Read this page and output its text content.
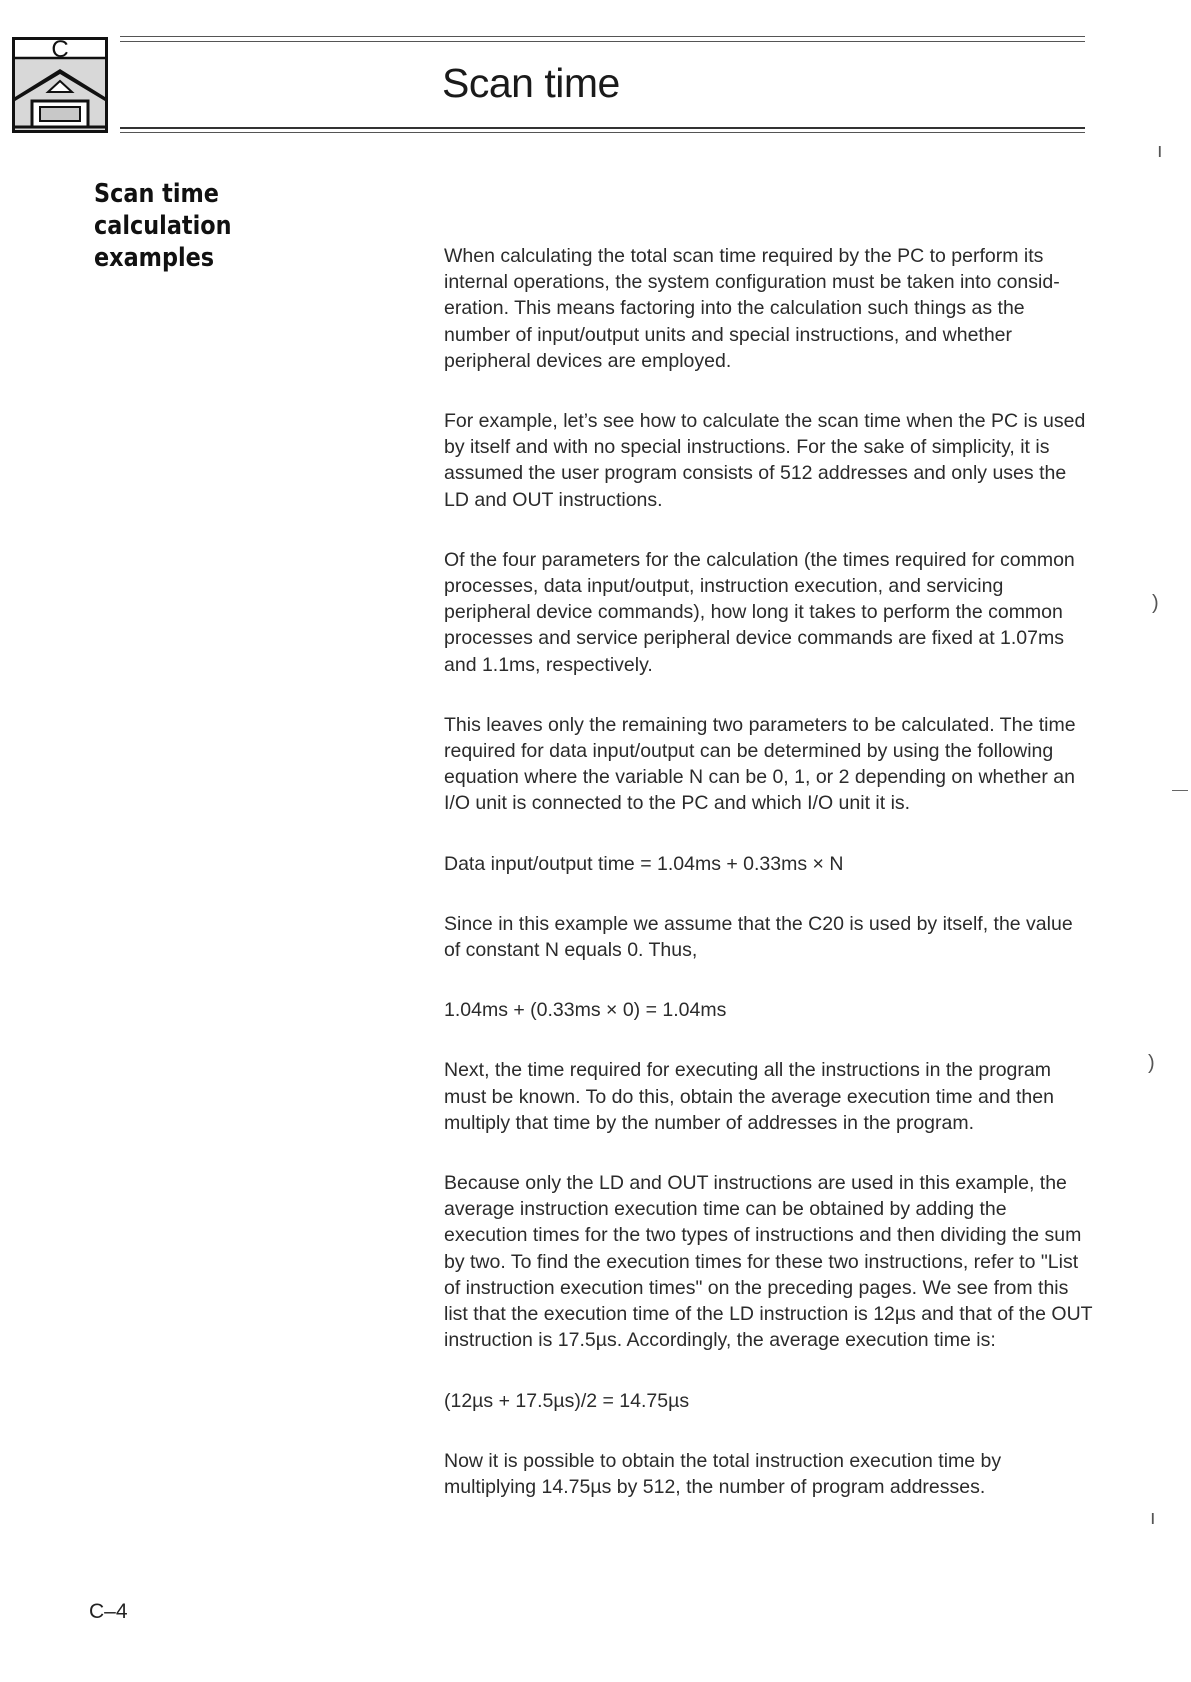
C
Scan time
Scan time calculation examples	When calculating the total scan time required by the PC to perform its internal operations, the system configuration must be taken into consideration. This means factoring into the calculation such things as the number of input/output units and special instructions, and whether peripheral devices are employed.

For example, let’s see how to calculate the scan time when the PC is used by itself and with no special instructions. For the sake of simplicity, it is assumed the user program consists of 512 addresses and only uses the LD and OUT instructions.

Of the four parameters for the calculation (the times required for common processes, data input/output, instruction execution, and servicing peripheral device commands), how long it takes to perform the common processes and service peripheral device commands are fixed at 1.07ms and 1.1ms, respectively.

This leaves only the remaining two parameters to be calculated. The time required for data input/output can be determined by using the following equation where the variable N can be 0, 1, or 2 depending on whether an I/O unit is connected to the PC and which I/O unit it is.

Data input/output time = 1.04ms + 0.33ms × N

Since in this example we assume that the C20 is used by itself, the value of constant N equals 0. Thus,

1.04ms + (0.33ms × 0) = 1.04ms

Next, the time required for executing all the instructions in the program must be known. To do this, obtain the average execution time and then multiply that time by the number of addresses in the program.

Because only the LD and OUT instructions are used in this example, the average instruction execution time can be obtained by adding the execution times for the two types of instructions and then dividing the sum by two. To find the execution times for these two instructions, refer to "List of instruction execution times" on the preceding pages. We see from this list that the execution time of the LD instruction is 12µs and that of the OUT instruction is 17.5µs. Accordingly, the average execution time is:

(12µs + 17.5µs)/2 = 14.75µs

Now it is possible to obtain the total instruction execution time by multiplying 14.75µs by 512, the number of program addresses.

ı
)
)
ı

C–4
